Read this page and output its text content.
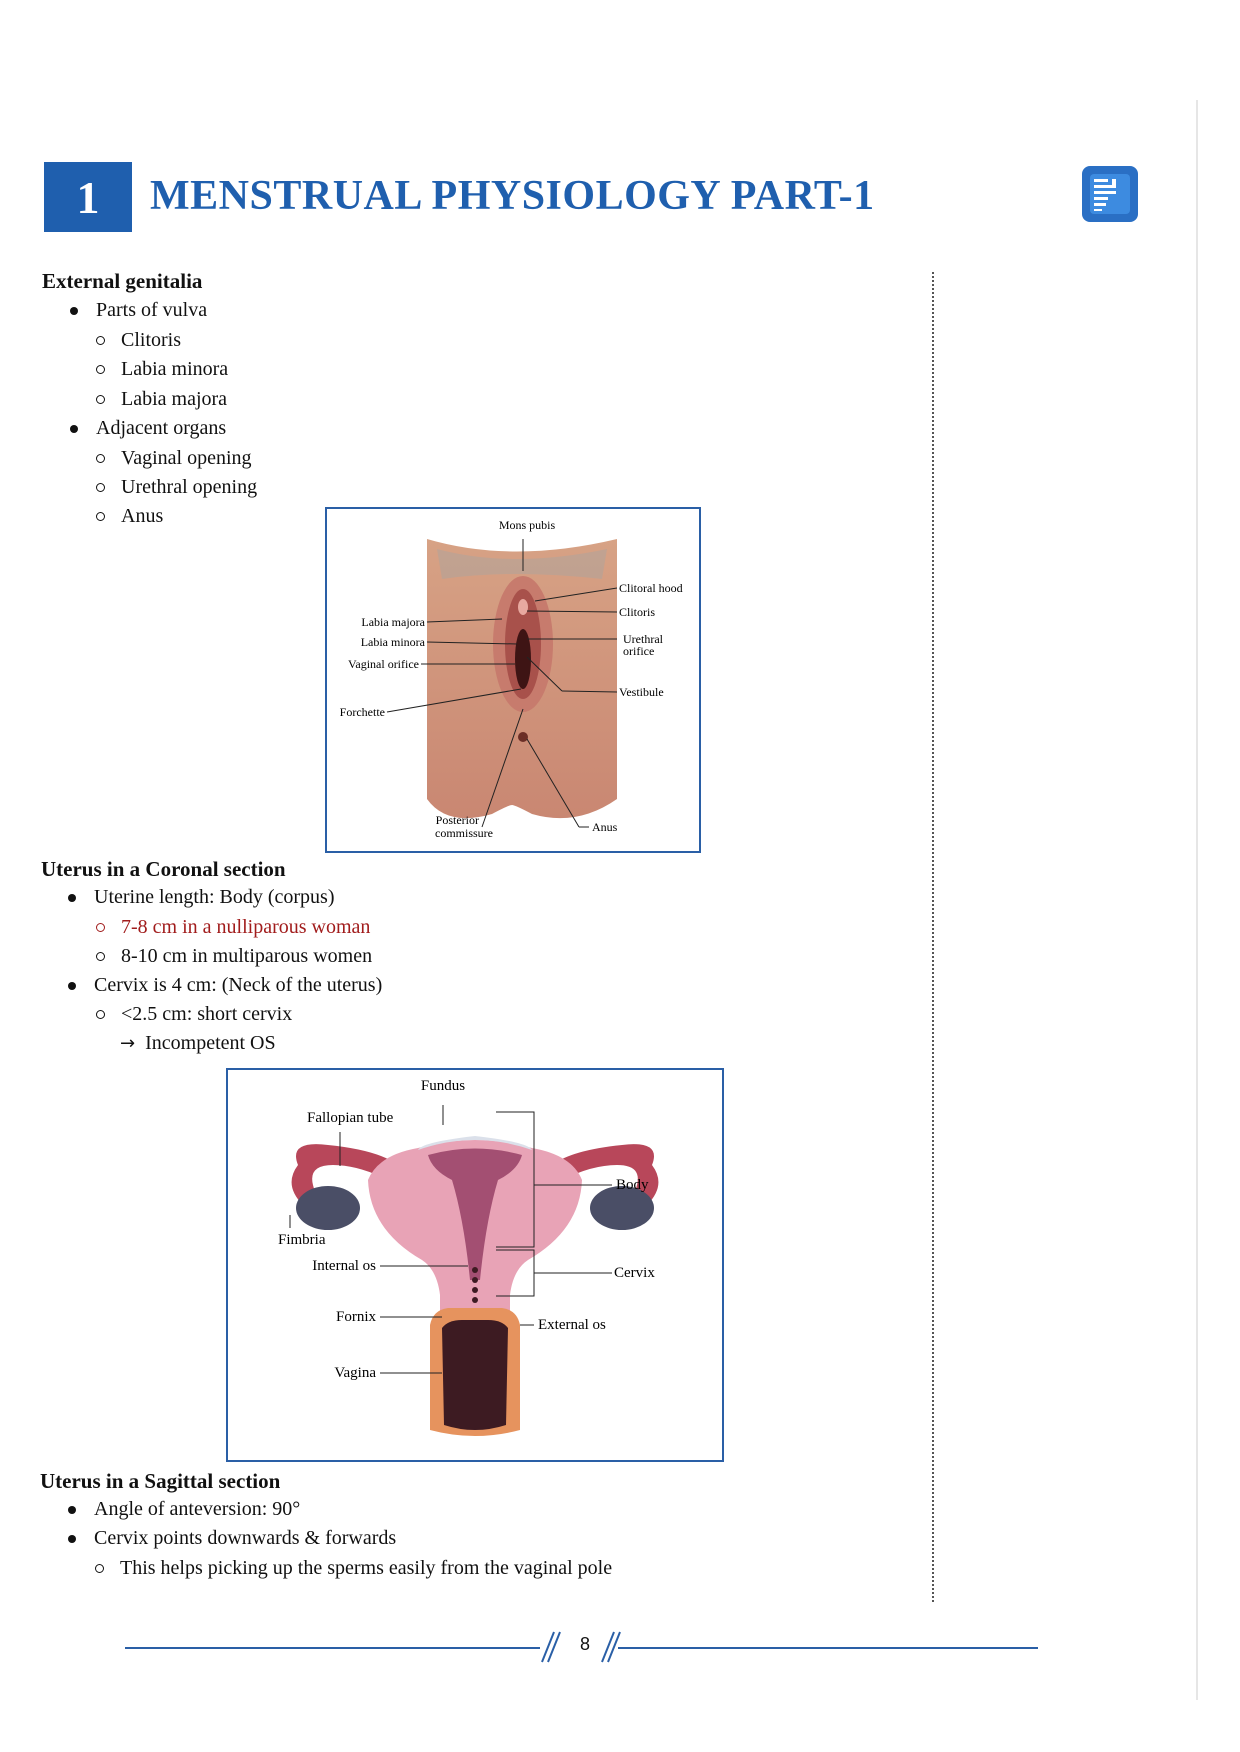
1 MENSTRUAL PHYSIOLOGY PART-1
External genitalia
Parts of vulva
Clitoris
Labia minora
Labia majora
Adjacent organs
Vaginal opening
Urethral opening
Anus	Mons pubis
Clitoral hood
Clitoris
Urethral
orifice
Vestibule
Labia majora
Labia minora
Vaginal orifice
Forchette
Posterior
commissure	Anus
Uterus in a Coronal section
Uterine length: Body (corpus)
7-8 cm in a nulliparous woman
8-10 cm in multiparous women
Cervix is 4 cm: (Neck of the uterus)
<2.5 cm: short cervix
→ Incompetent OS
Fundus
Fallopian tube
Body
Fimbria
Internal os	Cervix
Fornix	External os
Vagina
Uterus in a Sagittal section
Angle of anteversion: 90°
Cervix points downwards & forwards
This helps picking up the sperms easily from the vaginal pole
8
